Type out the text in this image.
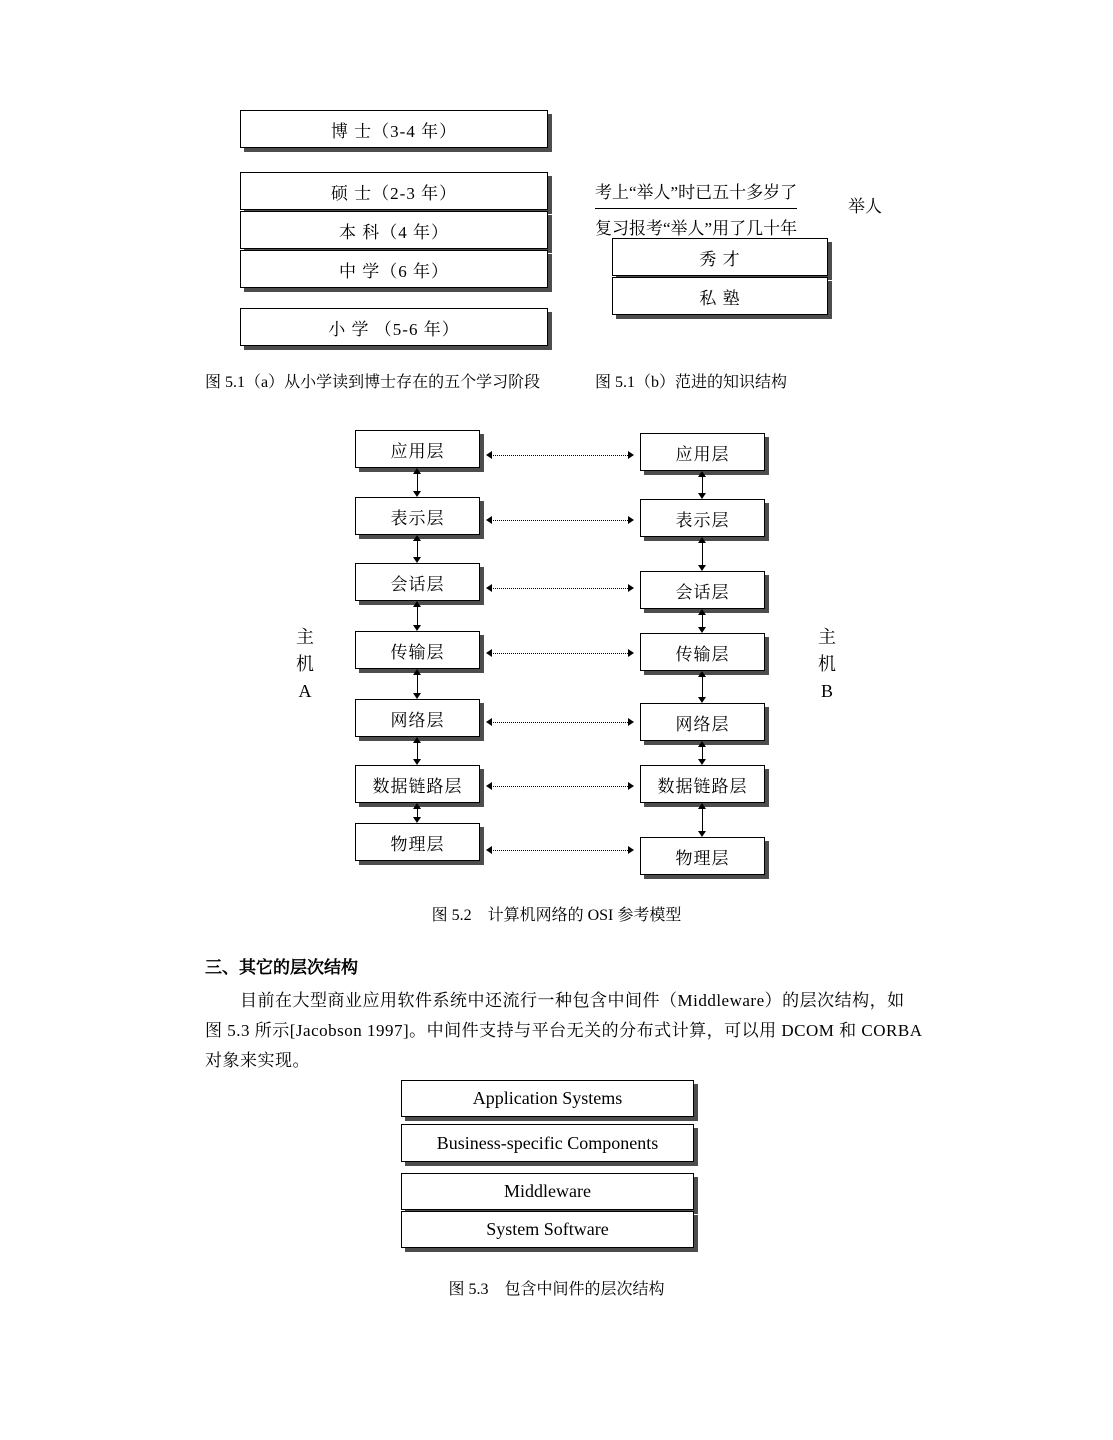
博 士（3-4 年）
硕 士（2-3 年）
本 科（4 年）
中 学（6 年）
小 学 （5-6 年）
图 5.1（a）从小学读到博士存在的五个学习阶段
考上“举人”时已五十多岁了
复习报考“举人”用了几十年
举人
秀 才
私 塾
图 5.1（b）范进的知识结构
应用层
表示层
会话层
传输层
网络层
数据链路层
物理层
应用层
表示层
会话层
传输层
网络层
数据链路层
物理层
主
机
A
主
机
B
图 5.2　计算机网络的 OSI 参考模型
三、其它的层次结构
目前在大型商业应用软件系统中还流行一种包含中间件（Middleware）的层次结构，如
图 5.3 所示[Jacobson 1997]。中间件支持与平台无关的分布式计算，可以用 DCOM 和 CORBA
对象来实现。
Application Systems
Business-specific Components
Middleware
System Software
图 5.3　包含中间件的层次结构
